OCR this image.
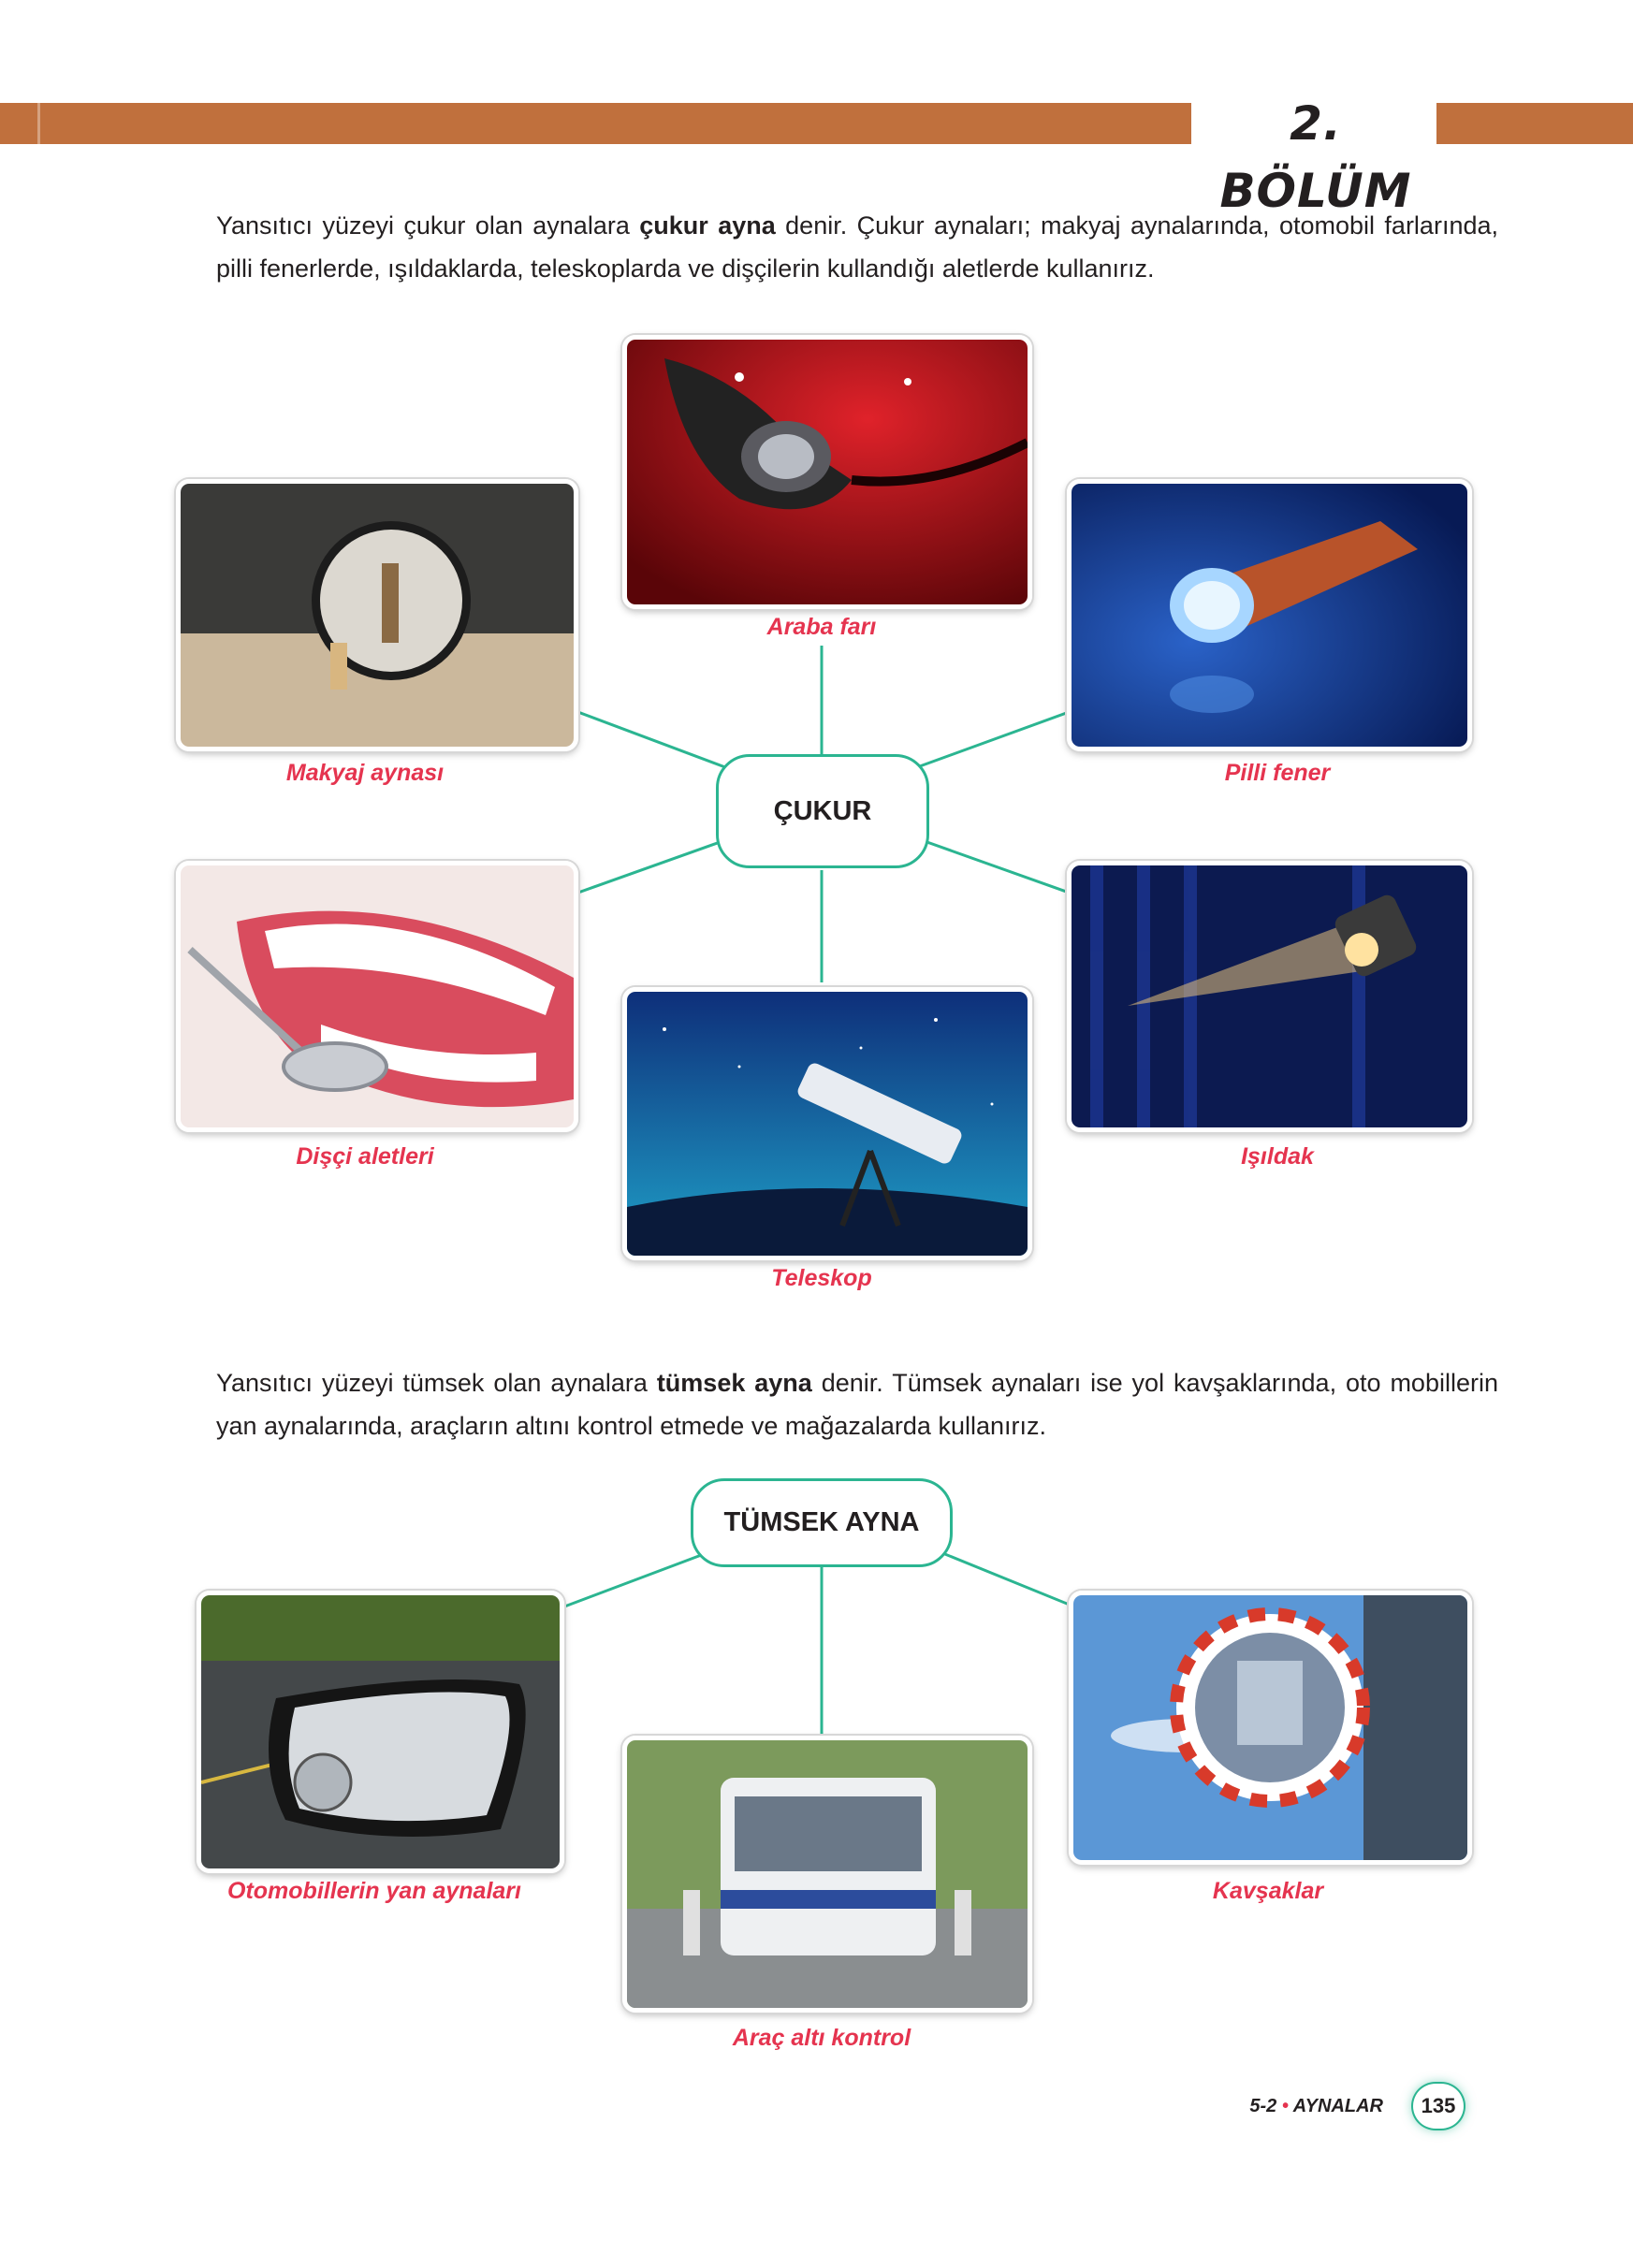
2. BÖLÜM

Yansıtıcı yüzeyi çukur olan aynalara çukur ayna denir. Çukur aynaları; makyaj aynalarında, otomobil farlarında, pilli fenerlerde, ışıldaklarda, teleskoplarda ve dişçilerin kullandığı aletlerde kullanırız.

ÇUKUR
Araba farı
Makyaj aynası	Pilli fener
Dişçi aletleri	Işıldak
Teleskop

Yansıtıcı yüzeyi tümsek olan aynalara tümsek ayna denir. Tümsek aynaları ise yol kavşaklarında, oto mobillerin yan aynalarında, araçların altını kontrol etmede ve mağazalarda kullanırız.

TÜMSEK AYNA
Otomobillerin yan aynaları	Kavşaklar
Araç altı kontrol
5-2 • AYNALAR	135
